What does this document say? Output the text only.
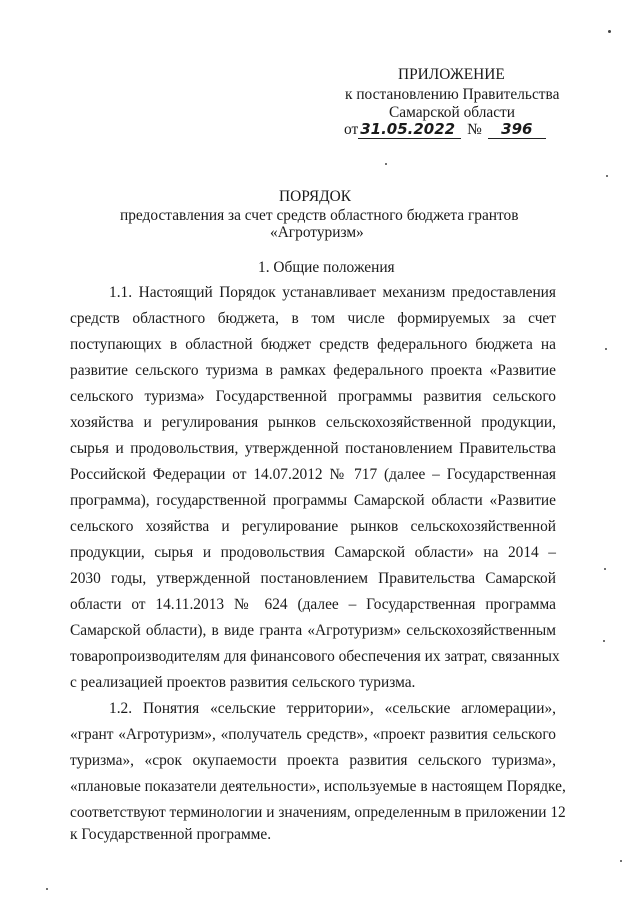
ПРИЛОЖЕНИЕ
к постановлению Правительства
Самарской области
от 31.05.2022 № 396
ПОРЯДОК
предоставления за счет средств областного бюджета грантов
«Агротуризм»
1. Общие положения
1.1. Настоящий Порядок устанавливает механизм предоставления
средств областного бюджета, в том числе формируемых за счет
поступающих в областной бюджет средств федерального бюджета на
развитие сельского туризма в рамках федерального проекта «Развитие
сельского туризма» Государственной программы развития сельского
хозяйства и регулирования рынков сельскохозяйственной продукции,
сырья и продовольствия, утвержденной постановлением Правительства
Российской Федерации от 14.07.2012 № 717 (далее – Государственная
программа), государственной программы Самарской области «Развитие
сельского хозяйства и регулирование рынков сельскохозяйственной
продукции, сырья и продовольствия Самарской области» на 2014 –
2030 годы, утвержденной постановлением Правительства Самарской
области от 14.11.2013 № 624 (далее – Государственная программа
Самарской области), в виде гранта «Агротуризм» сельскохозяйственным
товаропроизводителям для финансового обеспечения их затрат, связанных
с реализацией проектов развития сельского туризма.
1.2. Понятия «сельские территории», «сельские агломерации»,
«грант «Агротуризм», «получатель средств», «проект развития сельского
туризма», «срок окупаемости проекта развития сельского туризма»,
«плановые показатели деятельности», используемые в настоящем Порядке,
соответствуют терминологии и значениям, определенным в приложении 12
к Государственной программе.
